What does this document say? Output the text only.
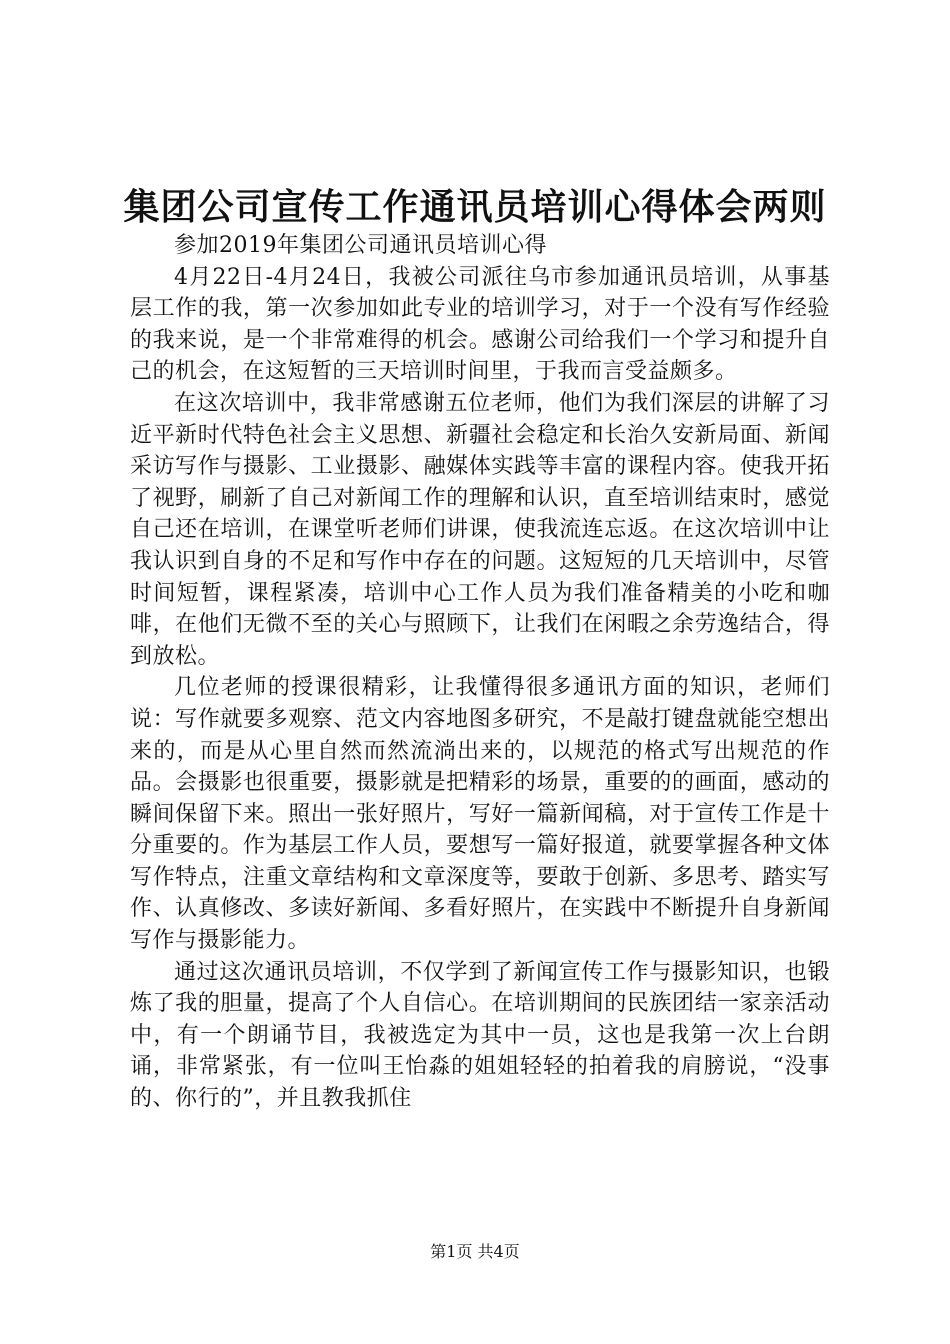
集团公司宣传工作通讯员培训心得体会两则

参加2019年集团公司通讯员培训心得

4月22日-4月24日，我被公司派往乌市参加通讯员培训，从事基层工作的我，第一次参加如此专业的培训学习，对于一个没有写作经验的我来说，是一个非常难得的机会。感谢公司给我们一个学习和提升自己的机会，在这短暂的三天培训时间里，于我而言受益颇多。

在这次培训中，我非常感谢五位老师，他们为我们深层的讲解了习近平新时代特色社会主义思想、新疆社会稳定和长治久安新局面、新闻采访写作与摄影、工业摄影、融媒体实践等丰富的课程内容。使我开拓了视野，刷新了自己对新闻工作的理解和认识，直至培训结束时，感觉自己还在培训，在课堂听老师们讲课，使我流连忘返。在这次培训中让我认识到自身的不足和写作中存在的问题。这短短的几天培训中，尽管时间短暂，课程紧凑，培训中心工作人员为我们准备精美的小吃和咖啡，在他们无微不至的关心与照顾下，让我们在闲暇之余劳逸结合，得到放松。

几位老师的授课很精彩，让我懂得很多通讯方面的知识，老师们说：写作就要多观察、范文内容地图多研究，不是敲打键盘就能空想出来的，而是从心里自然而然流淌出来的，以规范的格式写出规范的作品。会摄影也很重要，摄影就是把精彩的场景，重要的的画面，感动的瞬间保留下来。照出一张好照片，写好一篇新闻稿，对于宣传工作是十分重要的。作为基层工作人员，要想写一篇好报道，就要掌握各种文体写作特点，注重文章结构和文章深度等，要敢于创新、多思考、踏实写作、认真修改、多读好新闻、多看好照片，在实践中不断提升自身新闻写作与摄影能力。

通过这次通讯员培训，不仅学到了新闻宣传工作与摄影知识，也锻炼了我的胆量，提高了个人自信心。在培训期间的民族团结一家亲活动中，有一个朗诵节目，我被选定为其中一员，这也是我第一次上台朗诵，非常紧张，有一位叫王怡淼的姐姐轻轻的拍着我的肩膀说，“没事的、你行的”，并且教我抓住

第1页 共4页
